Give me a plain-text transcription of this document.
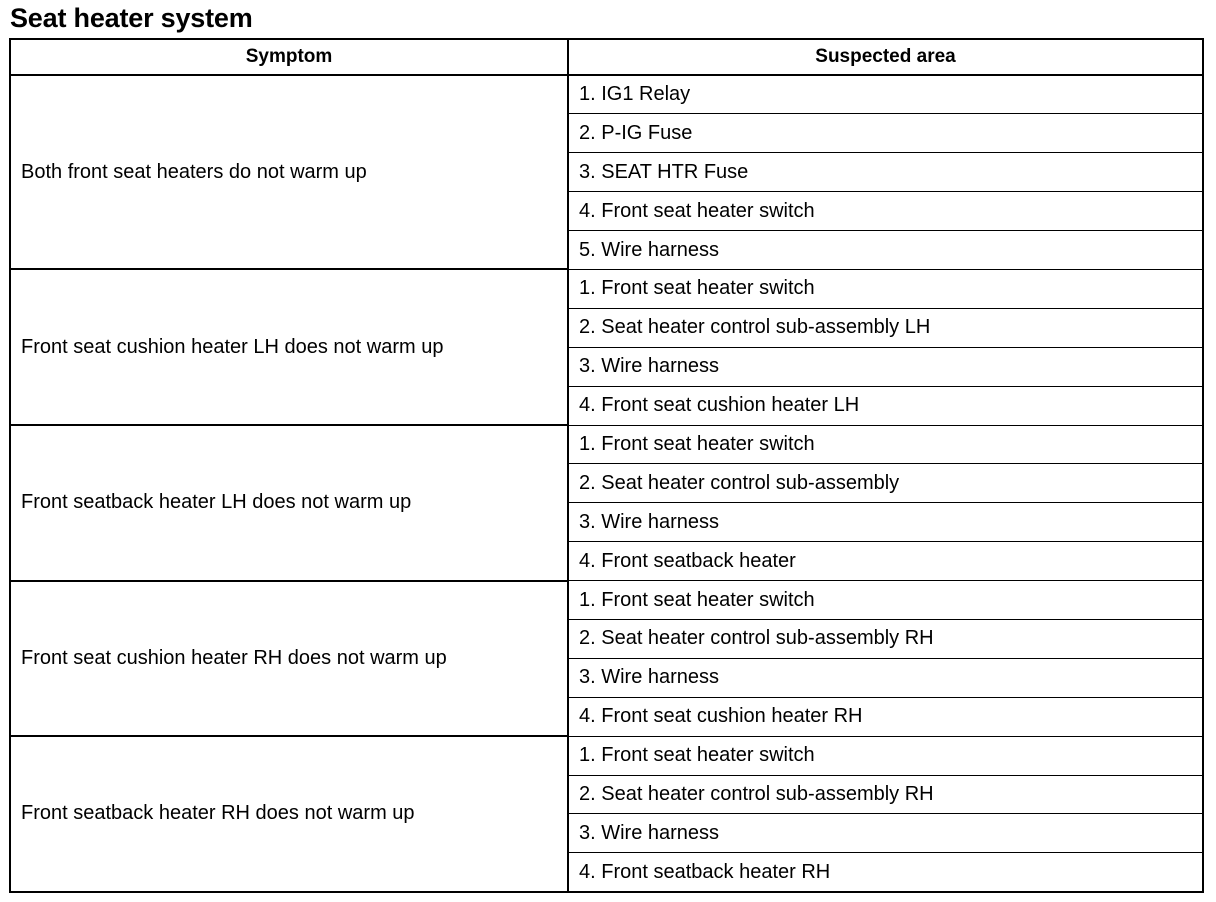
Seat heater system
Symptom	Suspected area
Both front seat heaters do not warm up	1. IG1 Relay
	2. P-IG Fuse
	3. SEAT HTR Fuse
	4. Front seat heater switch
	5. Wire harness
Front seat cushion heater LH does not warm up	1. Front seat heater switch
	2. Seat heater control sub-assembly LH
	3. Wire harness
	4. Front seat cushion heater LH
Front seatback heater LH does not warm up	1. Front seat heater switch
	2. Seat heater control sub-assembly
	3. Wire harness
	4. Front seatback heater
Front seat cushion heater RH does not warm up	1. Front seat heater switch
	2. Seat heater control sub-assembly RH
	3. Wire harness
	4. Front seat cushion heater RH
Front seatback heater RH does not warm up	1. Front seat heater switch
	2. Seat heater control sub-assembly RH
	3. Wire harness
	4. Front seatback heater RH
